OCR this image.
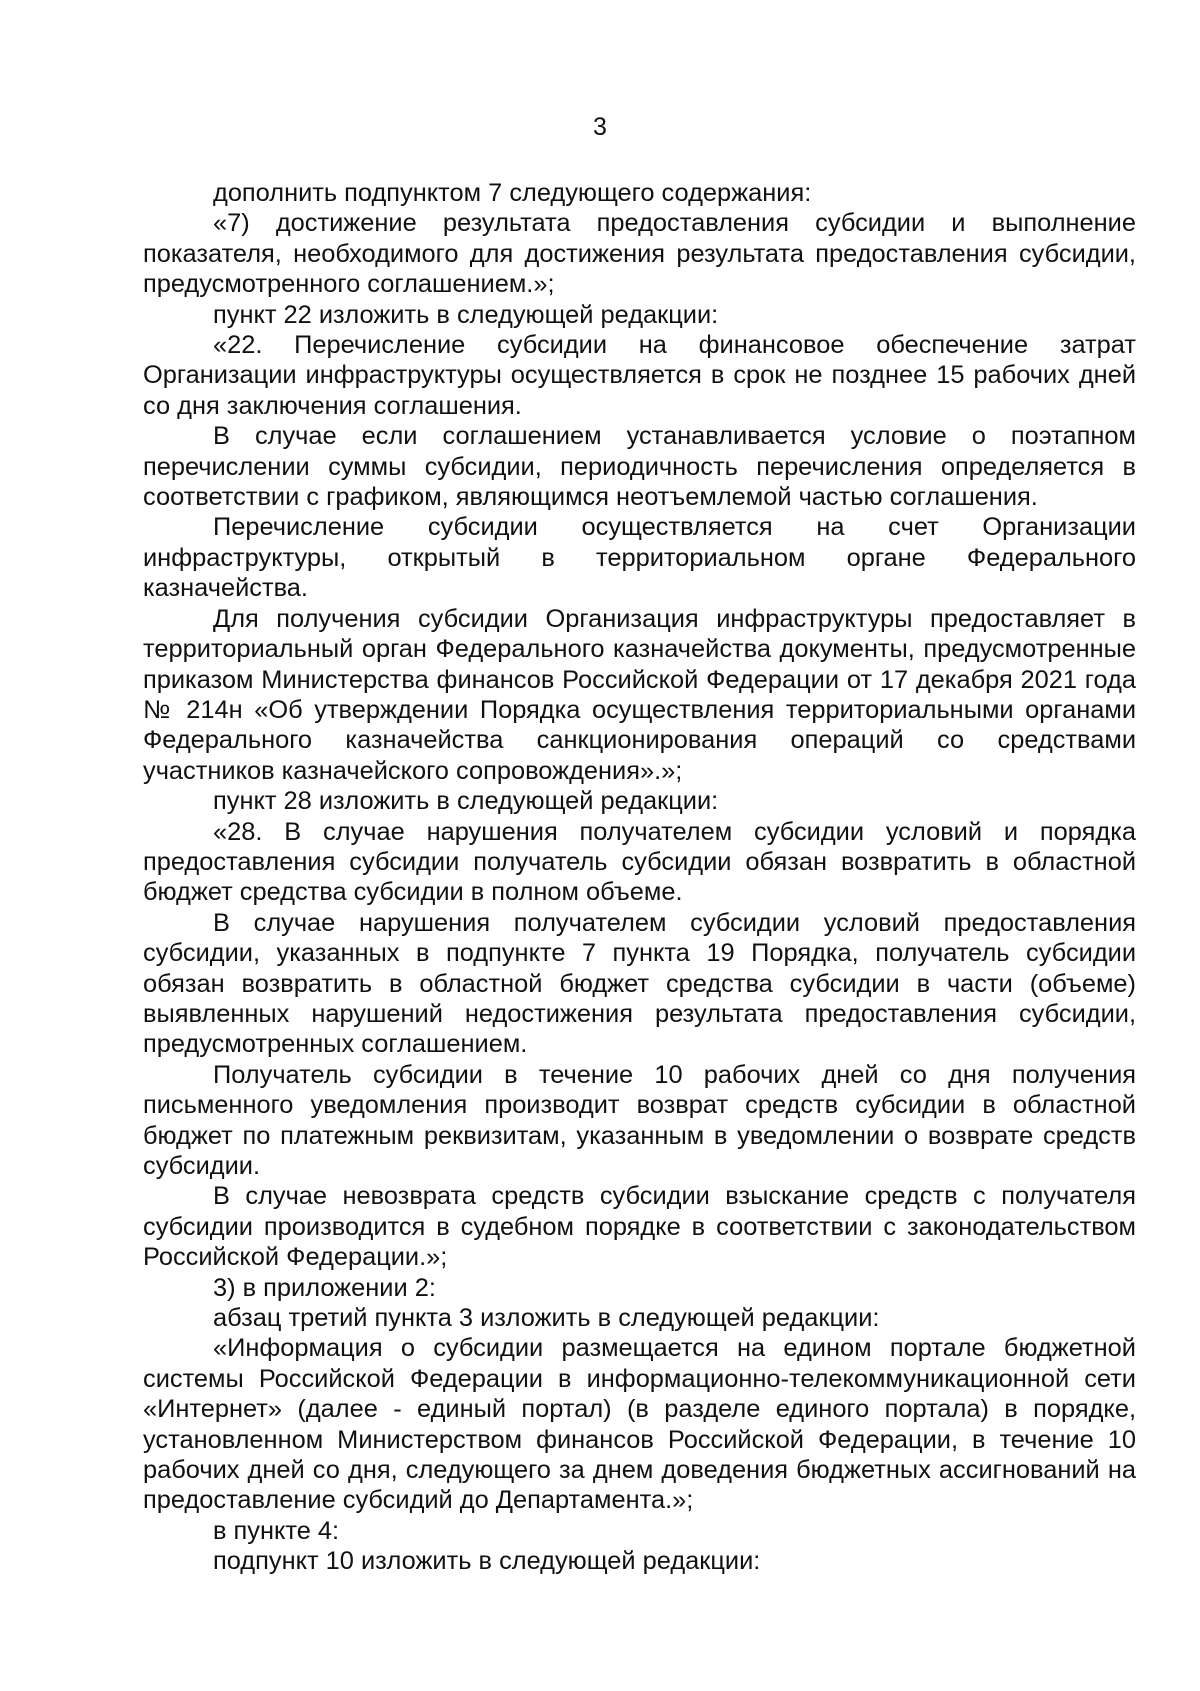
3

дополнить подпунктом 7 следующего содержания:

«7) достижение результата предоставления субсидии и выполнение показателя, необходимого для достижения результата предоставления субсидии, предусмотренного соглашением.»;

пункт 22 изложить в следующей редакции:

«22. Перечисление субсидии на финансовое обеспечение затрат Организации инфраструктуры осуществляется в срок не позднее 15 рабочих дней со дня заключения соглашения.

В случае если соглашением устанавливается условие о поэтапном перечислении суммы субсидии, периодичность перечисления определяется в соответствии с графиком, являющимся неотъемлемой частью соглашения.

Перечисление субсидии осуществляется на счет Организации инфраструктуры, открытый в территориальном органе Федерального казначейства.

Для получения субсидии Организация инфраструктуры предоставляет в территориальный орган Федерального казначейства документы, предусмотренные приказом Министерства финансов Российской Федерации от 17 декабря 2021 года № 214н «Об утверждении Порядка осуществления территориальными органами Федерального казначейства санкционирования операций со средствами участников казначейского сопровождения».»;

пункт 28 изложить в следующей редакции:

«28. В случае нарушения получателем субсидии условий и порядка предоставления субсидии получатель субсидии обязан возвратить в областной бюджет средства субсидии в полном объеме.

В случае нарушения получателем субсидии условий предоставления субсидии, указанных в подпункте 7 пункта 19 Порядка, получатель субсидии обязан возвратить в областной бюджет средства субсидии в части (объеме) выявленных нарушений недостижения результата предоставления субсидии, предусмотренных соглашением.

Получатель субсидии в течение 10 рабочих дней со дня получения письменного уведомления производит возврат средств субсидии в областной бюджет по платежным реквизитам, указанным в уведомлении о возврате средств субсидии.

В случае невозврата средств субсидии взыскание средств с получателя субсидии производится в судебном порядке в соответствии с законодательством Российской Федерации.»;

3) в приложении 2:

абзац третий пункта 3 изложить в следующей редакции:

«Информация о субсидии размещается на едином портале бюджетной системы Российской Федерации в информационно-телекоммуникационной сети «Интернет» (далее - единый портал) (в разделе единого портала) в порядке, установленном Министерством финансов Российской Федерации, в течение 10 рабочих дней со дня, следующего за днем доведения бюджетных ассигнований на предоставление субсидий до Департамента.»;

в пункте 4:

подпункт 10 изложить в следующей редакции:
